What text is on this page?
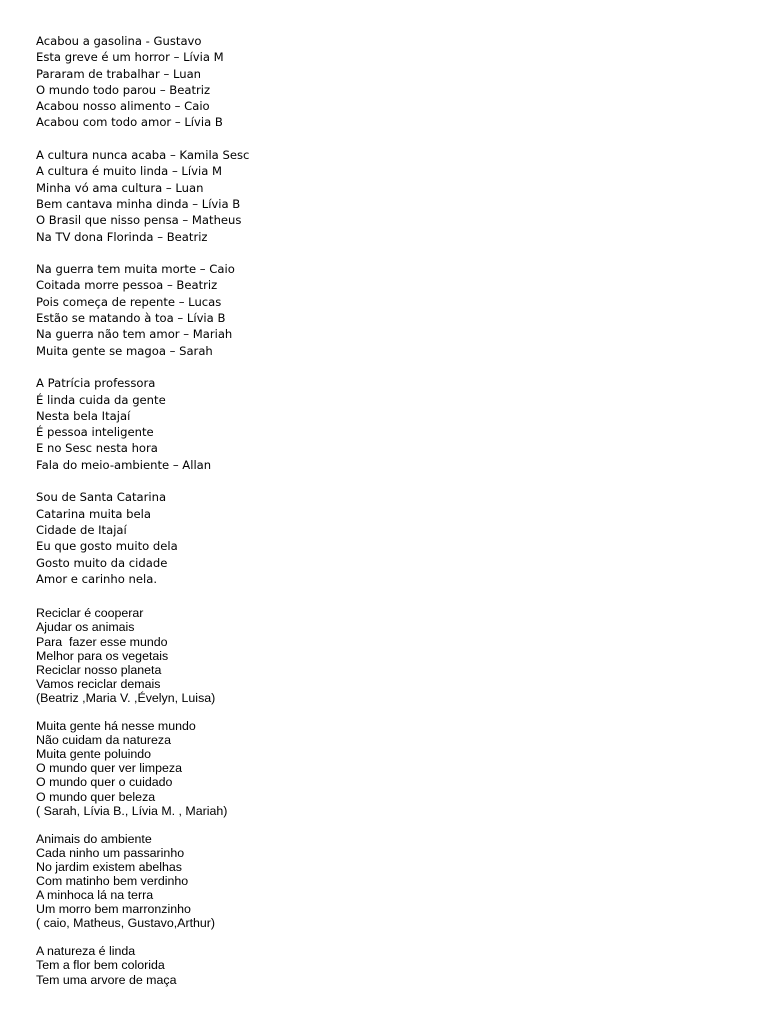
Acabou a gasolina - Gustavo
Esta greve é um horror – Lívia M
Pararam de trabalhar – Luan
O mundo todo parou – Beatriz
Acabou nosso alimento – Caio
Acabou com todo amor – Lívia B
A cultura nunca acaba – Kamila Sesc
A cultura é muito linda – Lívia M
Minha vó ama cultura – Luan
Bem cantava minha dinda – Lívia B
O Brasil que nisso pensa – Matheus
Na TV dona Florinda – Beatriz
Na guerra tem muita morte – Caio
Coitada morre pessoa – Beatriz
Pois começa de repente – Lucas
Estão se matando à toa – Lívia B
Na guerra não tem amor – Mariah
Muita gente se magoa – Sarah
A Patrícia professora
É linda cuida da gente
Nesta bela Itajaí
É pessoa inteligente
E no Sesc nesta hora
Fala do meio-ambiente – Allan
Sou de Santa Catarina
Catarina muita bela
Cidade de Itajaí
Eu que gosto muito dela
Gosto muito da cidade
Amor e carinho nela.
Reciclar é cooperar
Ajudar os animais
Para  fazer esse mundo
Melhor para os vegetais
Reciclar nosso planeta
Vamos reciclar demais
(Beatriz ,Maria V. ,Évelyn, Luisa)
Muita gente há nesse mundo
Não cuidam da natureza
Muita gente poluindo
O mundo quer ver limpeza
O mundo quer o cuidado
O mundo quer beleza
( Sarah, Lívia B., Lívia M. , Mariah)
Animais do ambiente
Cada ninho um passarinho
No jardim existem abelhas
Com matinho bem verdinho
A minhoca lá na terra
Um morro bem marronzinho
( caio, Matheus, Gustavo,Arthur)
A natureza é linda
Tem a flor bem colorida
Tem uma arvore de maça
